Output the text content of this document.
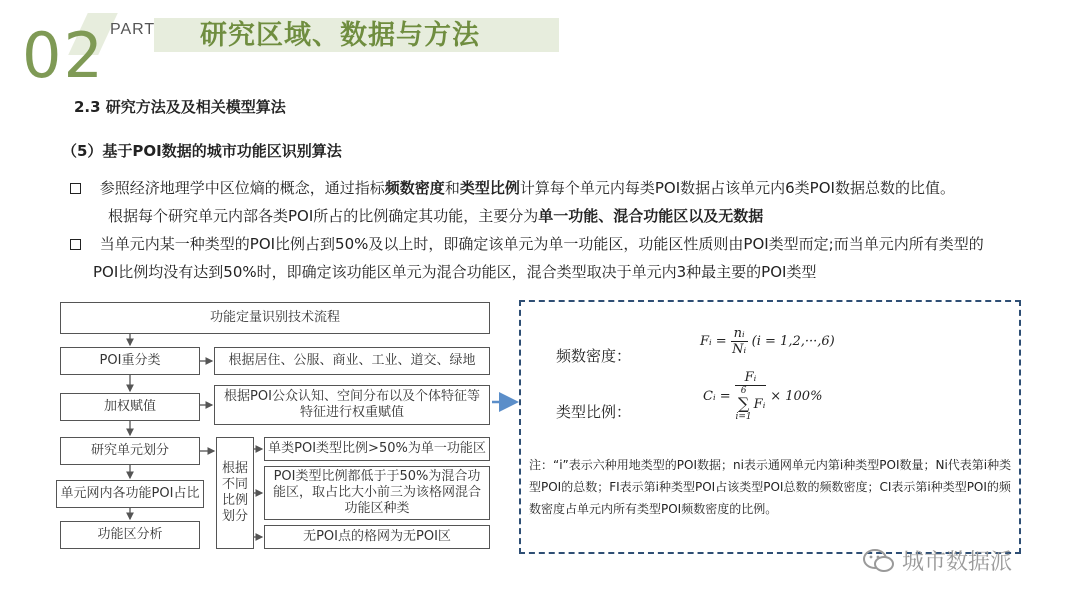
02 PART 研究区域、数据与方法
2.3 研究方法及及相关模型算法
（5）基于POI数据的城市功能区识别算法
参照经济地理学中区位熵的概念，通过指标频数密度和类型比例计算每个单元内每类POI数据占该单元内6类POI数据总数的比值。
根据每个研究单元内部各类POI所占的比例确定其功能，主要分为单一功能、混合功能区以及无数据
当单元内某一种类型的POI比例占到50%及以上时，即确定该单元为单一功能区，功能区性质则由POI类型而定;而当单元内所有类型的
POI比例均没有达到50%时，即确定该功能区单元为混合功能区，混合类型取决于单元内3种最主要的POI类型
功能定量识别技术流程
POI重分类
加权赋值
研究单元划分
单元网内各功能POI占比
功能区分析
根据居住、公服、商业、工业、道交、绿地
根据POI公众认知、空间分布以及个体特征等特征进行权重赋值
根据不同比例划分
单类POI类型比例>50%为单一功能区
POI类型比例都低于于50%为混合功能区，取占比大小前三为该格网混合功能区种类
无POI点的格网为无POI区
频数密度：
类型比例：
Fᵢ = $\frac{\text{nᵢ}}{\text{Nᵢ}} (i = 1,2,\cdot\cdot\cdot,6)$
Cᵢ = Fᵢ
6
∑
i=1
Fᵢ × 100%
注：“i”表示六种用地类型的POI数据；ni表示通网单元内第i种类型POI数量；Ni代表第i种类型POI的总数；FI表示第i种类型POI占该类型POI总数的频数密度；CI表示第i种类型POI的频数密度占单元内所有类型POI频数密度的比例。
城市数据派
